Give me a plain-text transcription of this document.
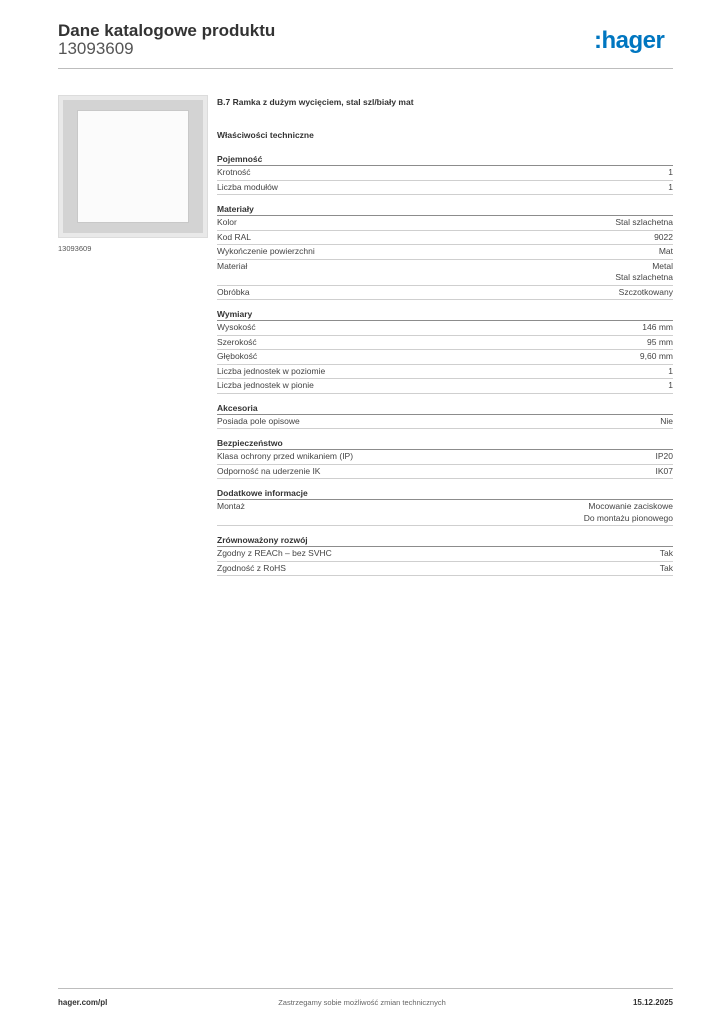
Dane katalogowe produktu
13093609	:hager
13093609
B.7 Ramka z dużym wycięciem, stal szl/biały mat
Właściwości techniczne
Pojemność
Krotność	1
Liczba modułów	1
Materiały
Kolor	Stal szlachetna
Kod RAL	9022
Wykończenie powierzchni	Mat
Materiał	Metal
Stal szlachetna
Obróbka	Szczotkowany
Wymiary
Wysokość	146 mm
Szerokość	95 mm
Głębokość	9,60 mm
Liczba jednostek w poziomie	1
Liczba jednostek w pionie	1
Akcesoria
Posiada pole opisowe	Nie
Bezpieczeństwo
Klasa ochrony przed wnikaniem (IP)	IP20
Odporność na uderzenie IK	IK07
Dodatkowe informacje
Montaż	Mocowanie zaciskowe
Do montażu pionowego
Zrównoważony rozwój
Zgodny z REACh – bez SVHC	Tak
Zgodność z RoHS	Tak
hager.com/pl	Zastrzegamy sobie możliwość zmian technicznych	15.12.2025
